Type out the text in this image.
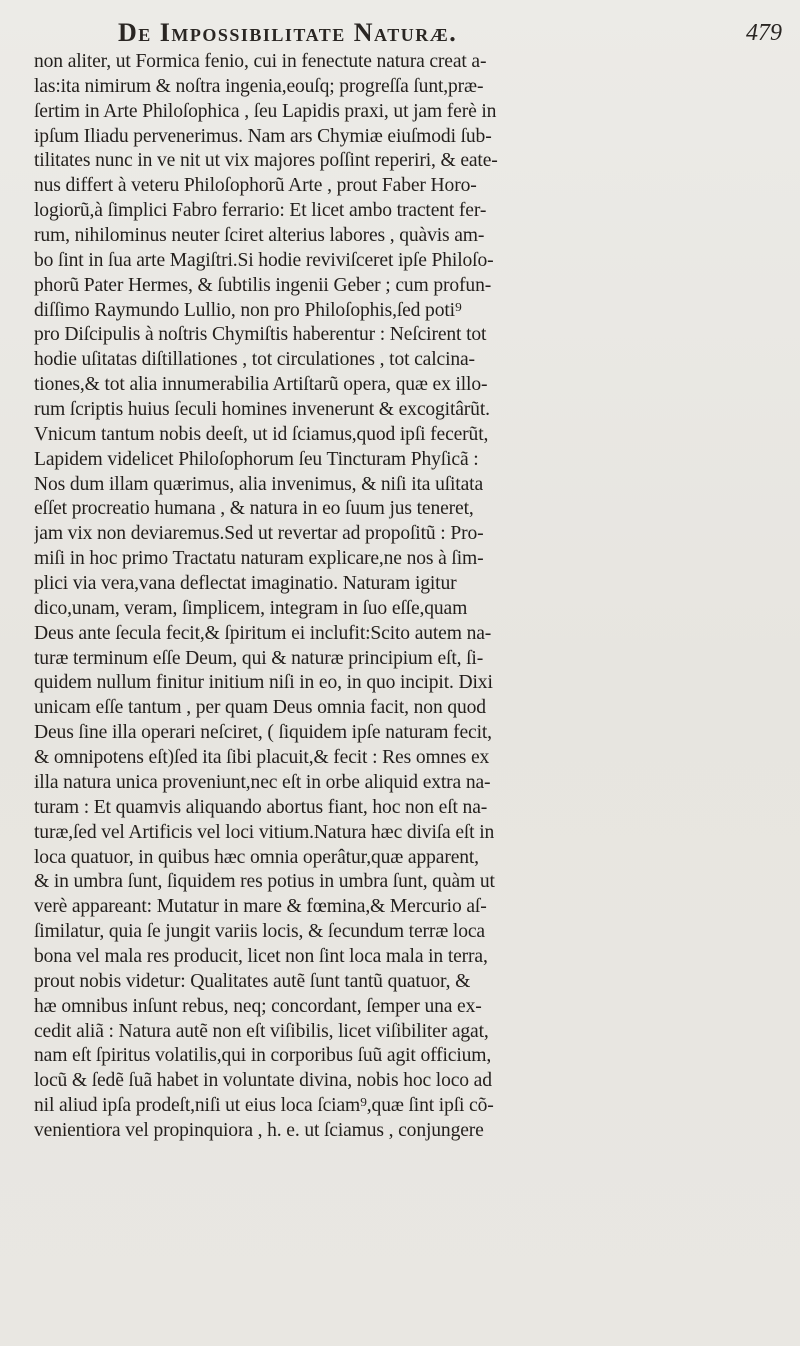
De Impossibilitate Naturæ.	479
non aliter, ut Formica fenio, cui in fenectute natura creat a-
las:ita nimirum & noſtra ingenia,eouſq; progreſſa ſunt,præ-
ſertim in Arte Philoſophica , ſeu Lapidis praxi, ut jam ferè in
ipſum Iliadu pervenerimus. Nam ars Chymiæ eiuſmodi ſub-
tilitates nunc in ve nit ut vix majores poſſint reperiri, & eate-
nus differt à veteru Philoſophorũ Arte , prout Faber Horo-
logiorũ,à ſimplici Fabro ferrario: Et licet ambo tractent fer-
rum, nihilominus neuter ſciret alterius labores , quàvis am-
bo ſint in ſua arte Magiſtri.Si hodie reviviſceret ipſe Philoſo-
phorũ Pater Hermes, & ſubtilis ingenii Geber ; cum profun-
diſſimo Raymundo Lullio, non pro Philoſophis,ſed poti⁹
pro Diſcipulis à noſtris Chymiſtis haberentur : Neſcirent tot
hodie uſitatas diſtillationes , tot circulationes , tot calcina-
tiones,& tot alia innumerabilia Artiſtarũ opera, quæ ex illo-
rum ſcriptis huius ſeculi homines invenerunt & excogitârũt.
Vnicum tantum nobis deeſt, ut id ſciamus,quod ipſi fecerũt,
Lapidem videlicet Philoſophorum ſeu Tincturam Phyſicã :
Nos dum illam quærimus, alia invenimus, & niſi ita uſitata
eſſet procreatio humana , & natura in eo ſuum jus teneret,
jam vix non deviaremus.Sed ut revertar ad propoſitũ : Pro-
miſi in hoc primo Tractatu naturam explicare,ne nos à ſim-
plici via vera,vana deflectat imaginatio. Naturam igitur
dico,unam, veram, ſimplicem, integram in ſuo eſſe,quam
Deus ante ſecula fecit,& ſpiritum ei inclufit:Scito autem na-
turæ terminum eſſe Deum, qui & naturæ principium eſt, ſi-
quidem nullum finitur initium niſi in eo, in quo incipit. Dixi
unicam eſſe tantum , per quam Deus omnia facit, non quod
Deus ſine illa operari neſciret, ( ſiquidem ipſe naturam fecit,
& omnipotens eſt)ſed ita ſibi placuit,& fecit : Res omnes ex
illa natura unica proveniunt,nec eſt in orbe aliquid extra na-
turam : Et quamvis aliquando abortus fiant, hoc non eſt na-
turæ,ſed vel Artificis vel loci vitium.Natura hæc diviſa eſt in
loca quatuor, in quibus hæc omnia operâtur,quæ apparent,
& in umbra ſunt, ſiquidem res potius in umbra ſunt, quàm ut
verè appareant: Mutatur in mare & fœmina,& Mercurio aſ-
ſimilatur, quia ſe jungit variis locis, & ſecundum terræ loca
bona vel mala res producit, licet non ſint loca mala in terra,
prout nobis videtur: Qualitates autẽ ſunt tantũ quatuor, &
hæ omnibus inſunt rebus, neq; concordant, ſemper una ex-
cedit aliã : Natura autẽ non eſt viſibilis, licet viſibiliter agat,
nam eſt ſpiritus volatilis,qui in corporibus ſuũ agit officium,
locũ & ſedẽ ſuã habet in voluntate divina, nobis hoc loco ad
nil aliud ipſa prodeſt,niſi ut eius loca ſciam⁹,quæ ſint ipſi cõ-
venientiora vel propinquiora , h. e. ut ſciamus , conjungere
